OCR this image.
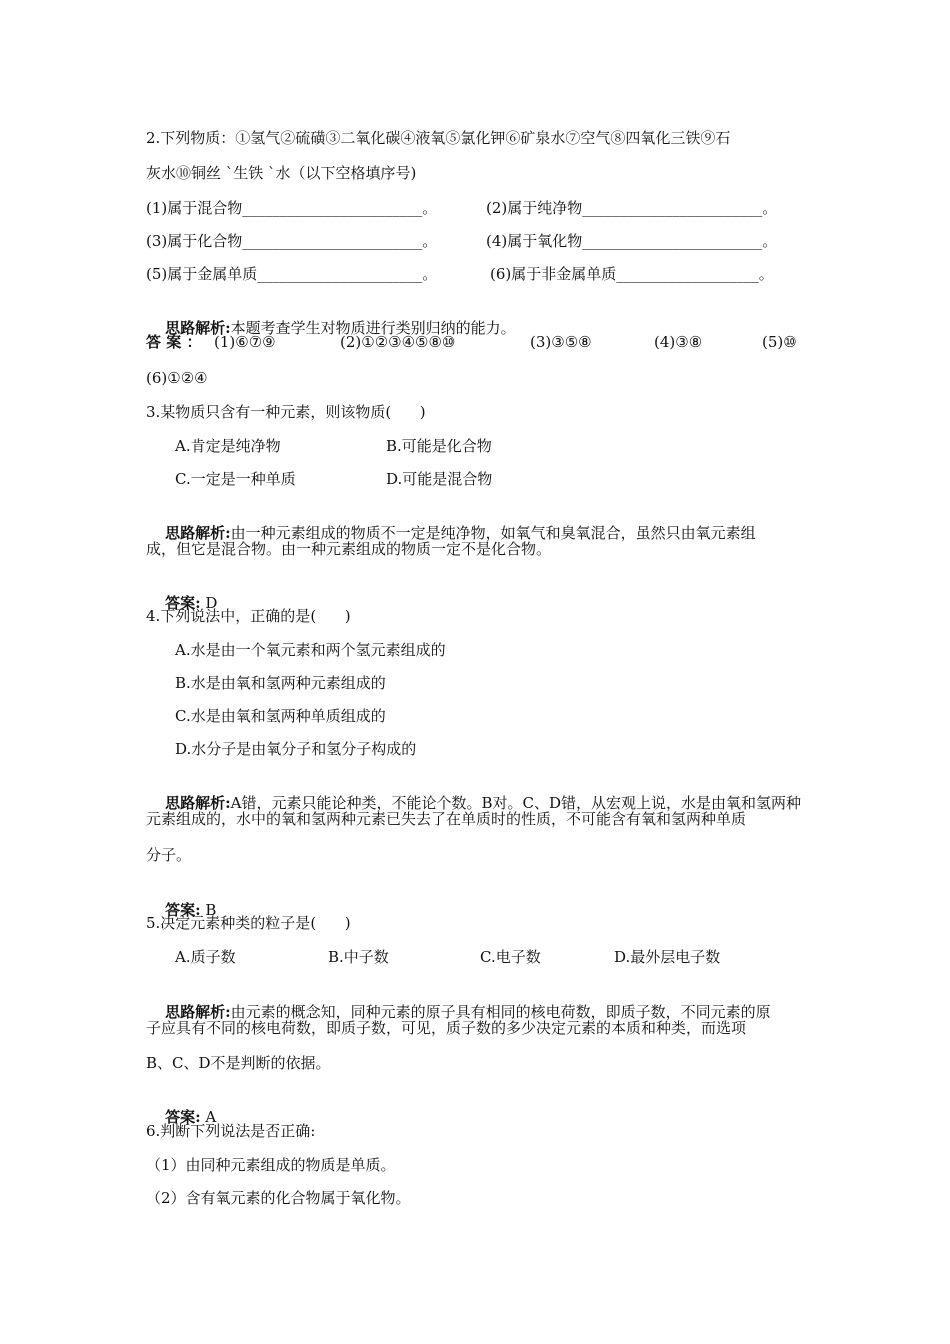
2.下列物质：①氢气②硫磺③二氧化碳④液氧⑤氯化钾⑥矿泉水⑦空气⑧四氧化三铁⑨石
灰水⑩铜丝 `生铁 `水（以下空格填序号)
(1)属于混合物________________________。	(2)属于纯净物________________________。
(3)属于化合物________________________。	(4)属于氧化物________________________。
(5)属于金属单质______________________。	(6)属于非金属单质___________________。

思路解析:本题考查学生对物质进行类别归纳的能力。

答 案 ： (1)⑥⑦⑨	(2)①②③④⑤⑧⑩	(3)③⑤⑧	(4)③⑧	(5)⑩
(6)①②④
3.某物质只含有一种元素，则该物质(      )
A.肯定是纯净物	B.可能是化合物
C.一定是一种单质	D.可能是混合物

思路解析:由一种元素组成的物质不一定是纯净物，如氧气和臭氧混合，虽然只由氧元素组

成，但它是混合物。由一种元素组成的物质一定不是化合物。

答案: D

4.下列说法中，正确的是(      )
A.水是由一个氧元素和两个氢元素组成的
B.水是由氧和氢两种元素组成的
C.水是由氧和氢两种单质组成的
D.水分子是由氧分子和氢分子构成的

思路解析:A错，元素只能论种类，不能论个数。B对。C、D错，从宏观上说，水是由氧和氢两种

元素组成的，水中的氧和氢两种元素已失去了在单质时的性质，不可能含有氧和氢两种单质
分子。

答案: B

5.决定元素种类的粒子是(      )
A.质子数	B.中子数	C.电子数	D.最外层电子数

思路解析:由元素的概念知，同种元素的原子具有相同的核电荷数，即质子数，不同元素的原

子应具有不同的核电荷数，即质子数，可见，质子数的多少决定元素的本质和种类，而选项
B、C、D不是判断的依据。

答案: A

6.判断下列说法是否正确:
（1）由同种元素组成的物质是单质。
（2）含有氧元素的化合物属于氧化物。
